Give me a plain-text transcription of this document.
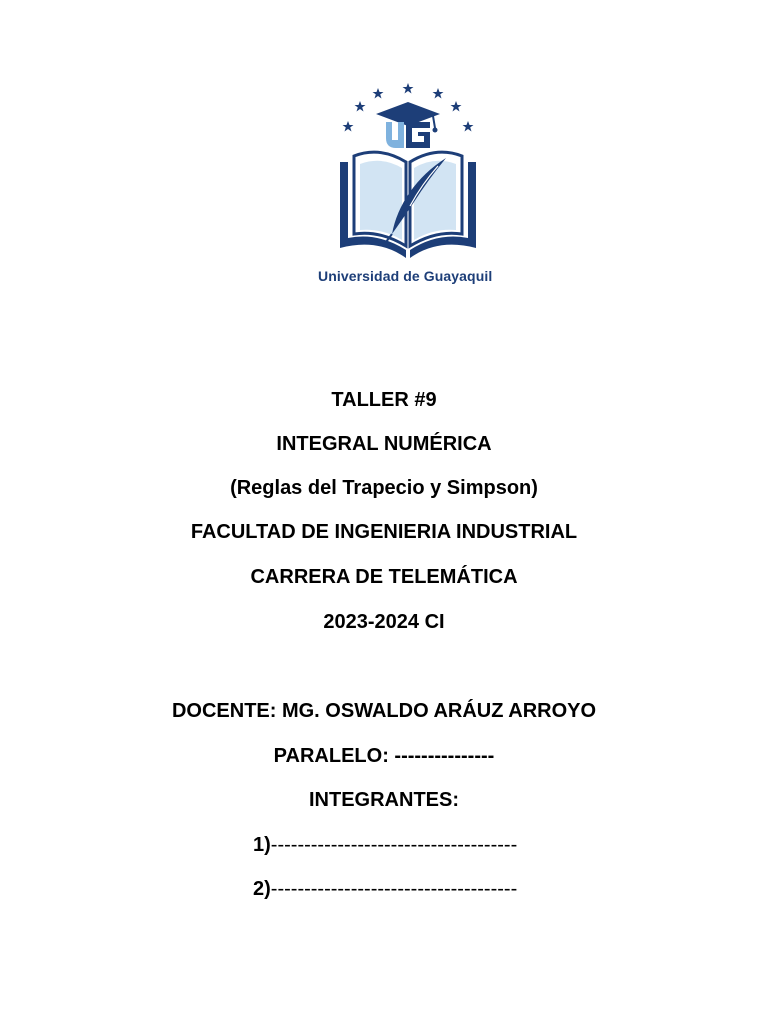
Universidad de Guayaquil
TALLER #9
INTEGRAL NUMÉRICA
(Reglas del Trapecio y Simpson)
FACULTAD DE INGENIERIA INDUSTRIAL
CARRERA DE TELEMÁTICA
2023-2024 CI
DOCENTE: MG. OSWALDO ARÁUZ ARROYO
PARALELO: ---------------
INTEGRANTES:
1)-------------------------------------
2)-------------------------------------
